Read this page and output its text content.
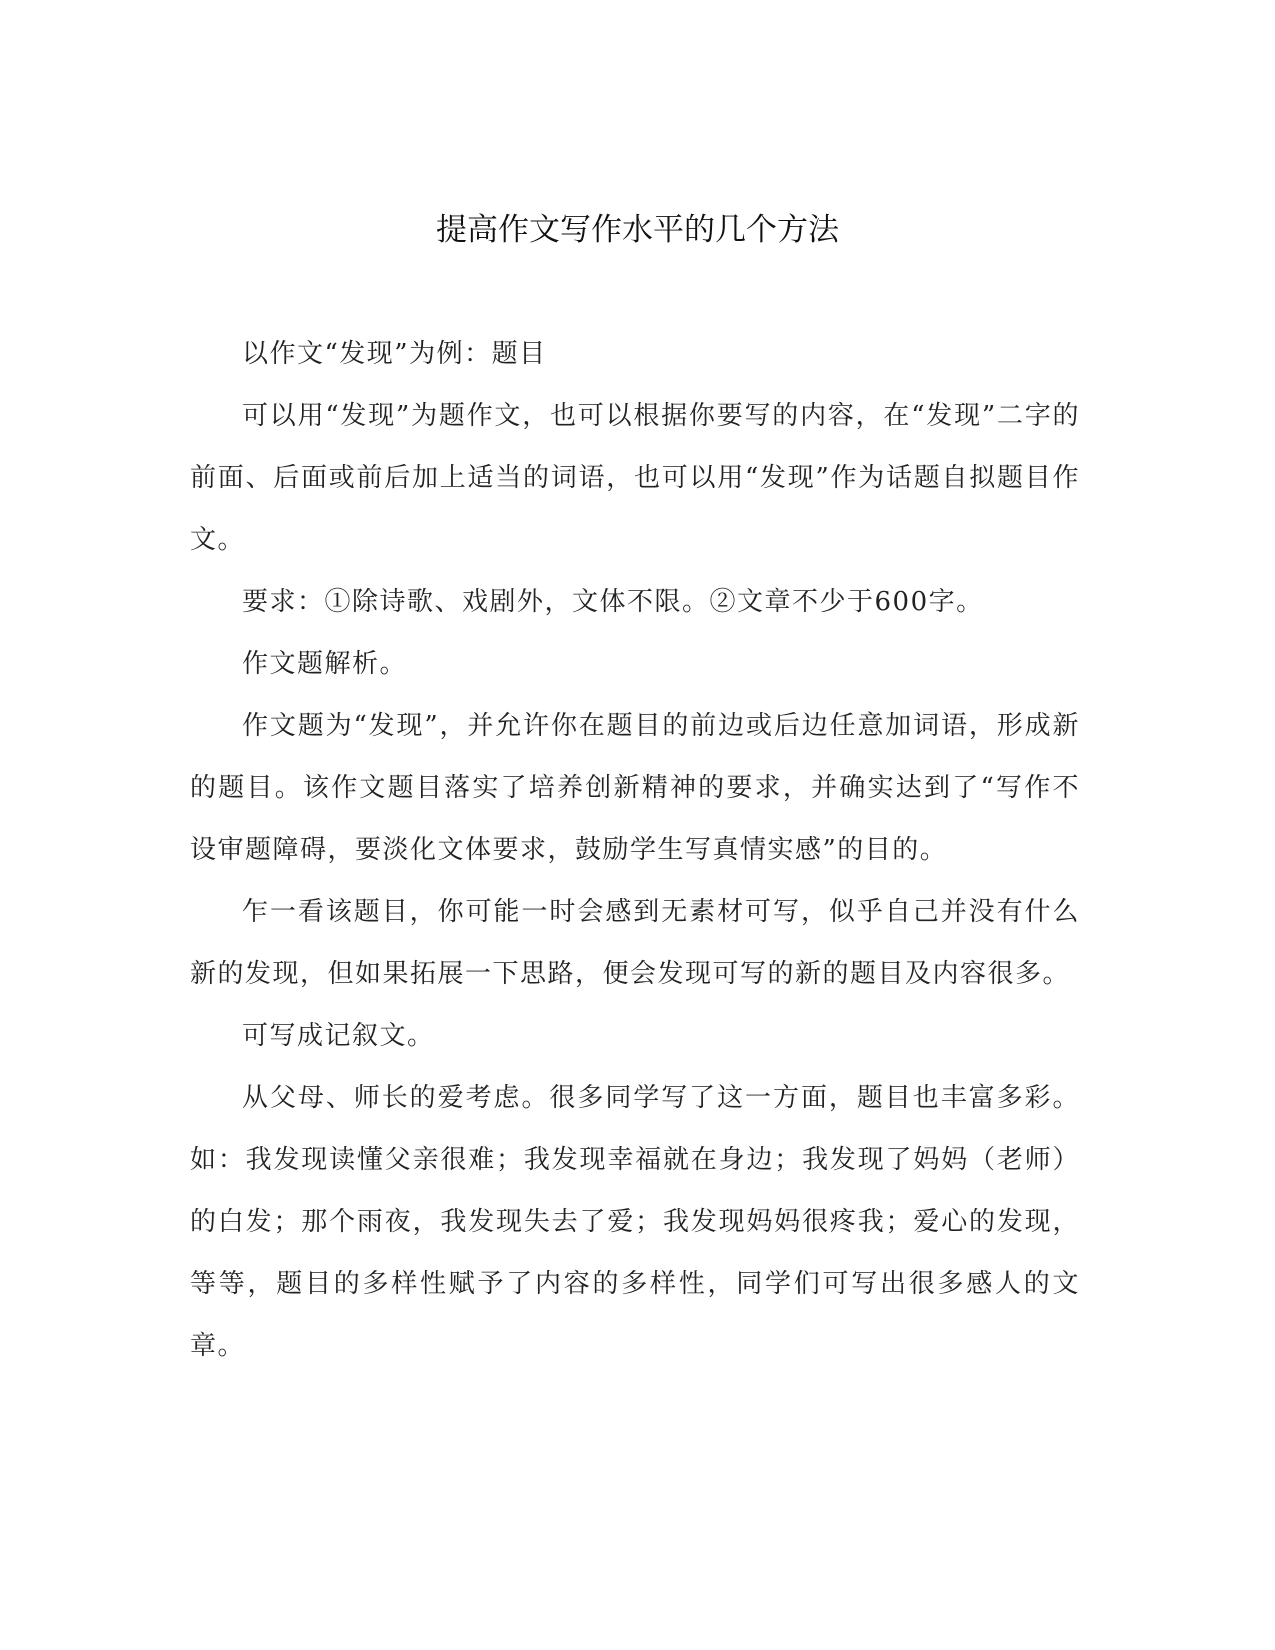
提高作文写作水平的几个方法

以作文“发现”为例：题目

可以用“发现”为题作文，也可以根据你要写的内容，在“发现”二字的前面、后面或前后加上适当的词语，也可以用“发现”作为话题自拟题目作文。

要求：①除诗歌、戏剧外，文体不限。②文章不少于600字。

作文题解析。

作文题为“发现”，并允许你在题目的前边或后边任意加词语，形成新的题目。该作文题目落实了培养创新精神的要求，并确实达到了“写作不设审题障碍，要淡化文体要求，鼓励学生写真情实感”的目的。

乍一看该题目，你可能一时会感到无素材可写，似乎自己并没有什么新的发现，但如果拓展一下思路，便会发现可写的新的题目及内容很多。

可写成记叙文。

从父母、师长的爱考虑。很多同学写了这一方面，题目也丰富多彩。如：我发现读懂父亲很难；我发现幸福就在身边；我发现了妈妈（老师）的白发；那个雨夜，我发现失去了爱；我发现妈妈很疼我；爱心的发现，等等，题目的多样性赋予了内容的多样性，同学们可写出很多感人的文章。
